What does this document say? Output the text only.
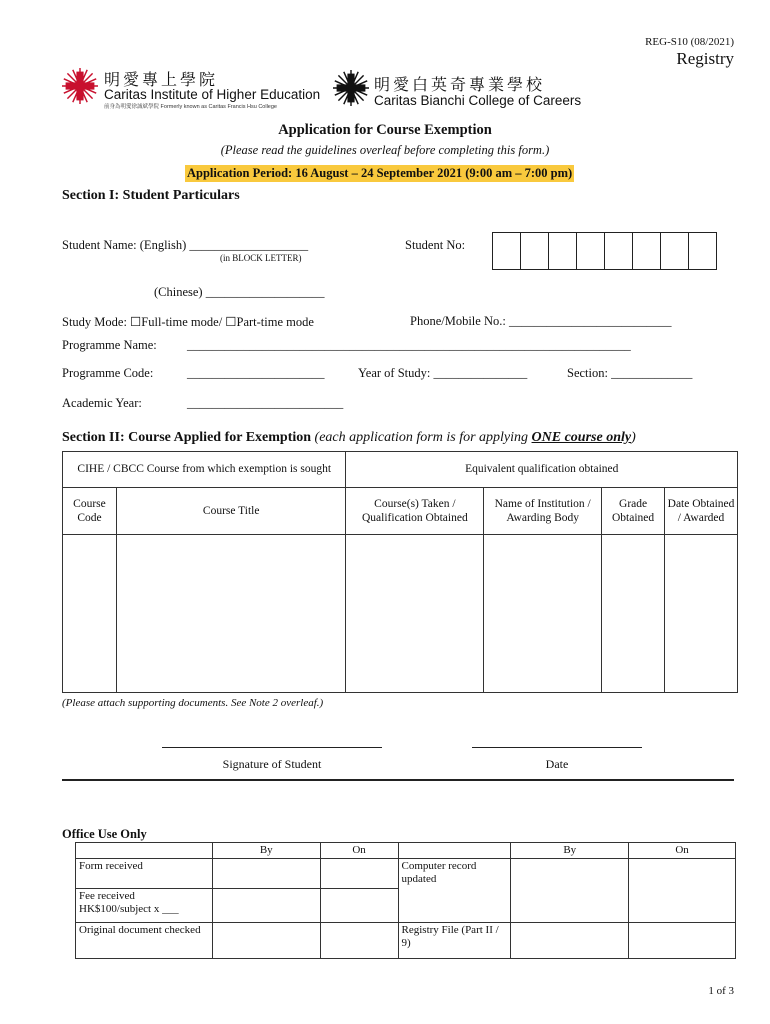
REG-S10 (08/2021)
Registry
明愛專上學院
Caritas Institute of Higher Education
前身為明愛徐誠斌學院 Formerly known as Caritas Francis Hsu College
明愛白英奇專業學校
Caritas Bianchi College of Careers
Application for Course Exemption
(Please read the guidelines overleaf before completing this form.)
Application Period: 16 August – 24 September 2021 (9:00 am – 7:00 pm)
Section I: Student Particulars
Student Name: (English) ___________________
(in BLOCK LETTER)
Student No:
(Chinese) ___________________
Study Mode: ☐Full-time mode/ ☐Part-time mode	Phone/Mobile No.: __________________________
Programme Name: _______________________________________________________________________
Programme Code:	______________________	Year of Study: _______________	Section: _____________
Academic Year:	_________________________
Section II: Course Applied for Exemption (each application form is for applying ONE course only)
CIHE / CBCC Course from which exemption is sought		Equivalent qualification obtained			
Course Code	Course Title	Course(s) Taken / Qualification Obtained	Name of Institution / Awarding Body	Grade Obtained	Date Obtained / Awarded

(Please attach supporting documents. See Note 2 overleaf.)
Signature of Student	Date
Office Use Only
	By	On		By	On
Form received			Computer record updated		
Fee received HK$100/subject x ___					
Original document checked			Registry File (Part II / 9)		
1 of 3
